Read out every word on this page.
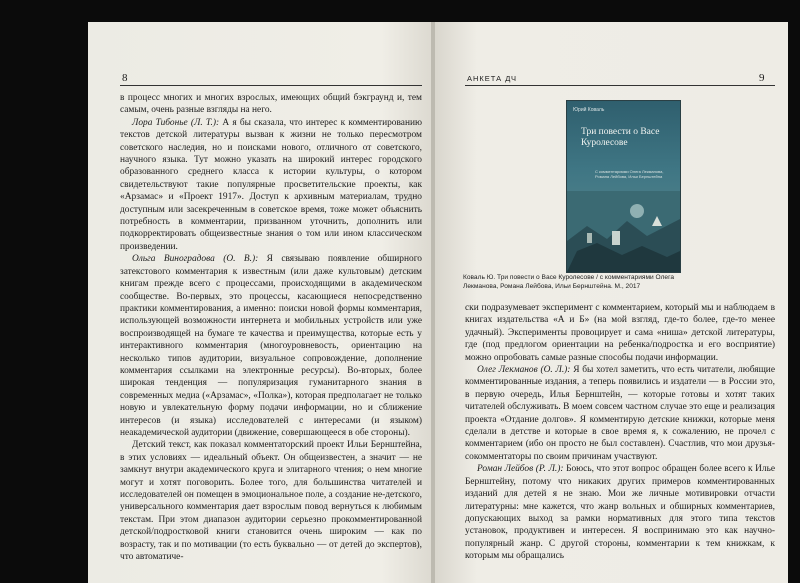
8

в процесс многих и многих взрослых, имеющих общий бэкграунд и, тем самым, очень разные взгляды на него.

Лора Тибонье (Л. Т.): А я бы сказала, что интерес к комментированию текстов детской литературы вызван к жизни не только пересмотром советского наследия, но и поисками нового, отличного от советского, научного языка. Тут можно указать на широкий интерес городского образованного среднего класса к истории культуры, о котором свидетельствуют такие популярные просветительские проекты, как «Арзамас» и «Проект 1917». Доступ к архивным материалам, трудно доступным или засекреченным в советское время, тоже может объяснить потребность в комментарии, призванном уточнить, дополнить или подкорректировать общеизвестные знания о том или ином классическом произведении.

Ольга Виноградова (О. В.): Я связываю появление обширного затекстового комментария к известным (или даже культовым) детским книгам прежде всего с процессами, происходящими в академическом сообществе. Во-первых, это процессы, касающиеся непосредственно практики комментирования, а именно: поиски новой формы комментария, использующей возможности интернета и мобильных устройств или уже воспроизводящей на бумаге те качества и преимущества, которые есть у интерактивного комментария (многоуровневость, ориентацию на несколько типов аудитории, визуальное сопровождение, дополнение комментария ссылками на электронные ресурсы). Во-вторых, более широкая тенденция — популяризация гуманитарного знания в современных медиа («Арзамас», «Полка»), которая предполагает не только новую и увлекательную форму подачи информации, но и сближение интересов (и языка) исследователей с интересами (и языком) неакадемической аудитории (движение, совершающееся в обе стороны).

Детский текст, как показал комментаторский проект Ильи Бернштейна, в этих условиях — идеальный объект. Он общеизвестен, а значит — не замкнут внутри академического круга и элитарного чтения; о нем многие могут и хотят поговорить. Более того, для большинства читателей и исследователей он помещен в эмоциональное поле, а создание не-детского, универсального комментария дает взрослым повод вернуться к любимым текстам. При этом диапазон аудитории серьезно прокомментированной детской/подростковой книги становится очень широким — как по возрасту, так и по мотивации (то есть буквально — от детей до экспертов), что автоматиче-

АНКЕТА ДЧ	9
Юрий Коваль
Три повести о Васе Куролесове
С комментариями Олега Лекманова, Романа Лейбова, Ильи Бернштейна
Коваль Ю. Три повести о Васе Куролесове / с комментариями Олега Лекманова, Романа Лейбова, Ильи Бернштейна. М., 2017

ски подразумевает эксперимент с комментарием, который мы и наблюдаем в книгах издательства «А и Б» (на мой взгляд, где-то более, где-то менее удачный). Эксперименты провоцирует и сама «ниша» детской литературы, где (под предлогом ориентации на ребенка/подростка и его восприятие) можно опробовать самые разные способы подачи информации.

Олег Лекманов (О. Л.): Я бы хотел заметить, что есть читатели, любящие комментированные издания, а теперь появились и издатели — в России это, в первую очередь, Илья Бернштейн, — которые готовы и хотят таких читателей обслуживать. В моем совсем частном случае это еще и реализация проекта «Отдание долгов». Я комментирую детские книжки, которые меня сделали в детстве и которые в свое время я, к сожалению, не прочел с комментарием (ибо он просто не был составлен). Счастлив, что мои друзья-сокомментаторы по своим причинам участвуют.

Роман Лейбов (Р. Л.): Боюсь, что этот вопрос обращен более всего к Илье Бернштейну, потому что никаких других примеров комментированных изданий для детей я не знаю. Мои же личные мотивировки отчасти литературны: мне кажется, что жанр вольных и обширных комментариев, допускающих выход за рамки нормативных для этого типа текстов установок, продуктивен и интересен. Я воспринимаю это как научно-популярный жанр. С другой стороны, комментарии к тем книжкам, к которым мы обращались
